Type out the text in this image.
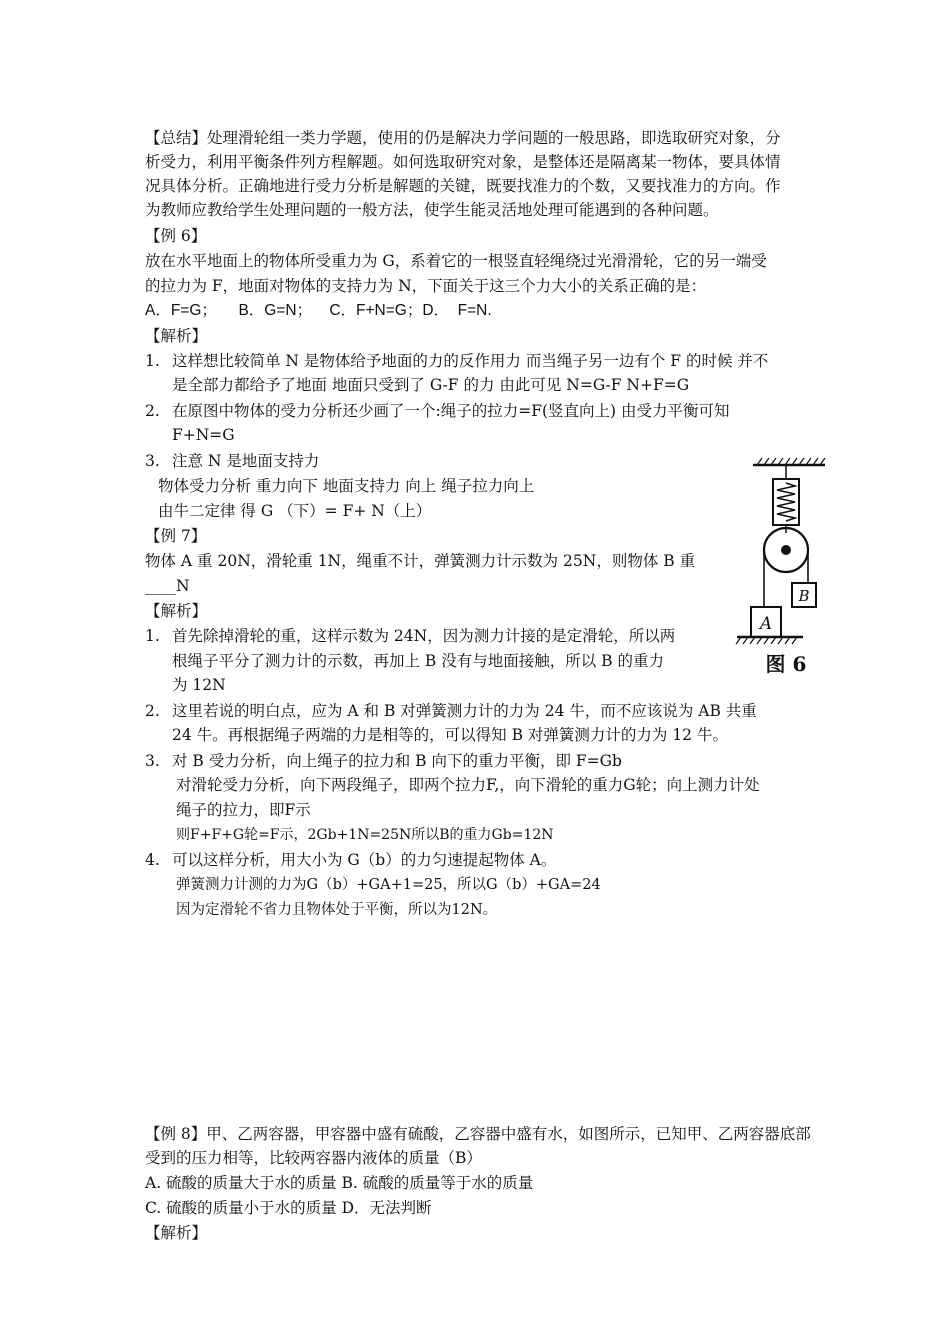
【总结】处理滑轮组一类力学题，使用的仍是解决力学问题的一般思路，即选取研究对象，分
析受力，利用平衡条件列方程解题。如何选取研究对象，是整体还是隔离某一物体，要具体情
况具体分析。正确地进行受力分析是解题的关键，既要找准力的个数，又要找准力的方向。作
为教师应教给学生处理问题的一般方法，使学生能灵活地处理可能遇到的各种问题。
【例 6】
放在水平地面上的物体所受重力为 G，系着它的一根竖直轻绳绕过光滑滑轮，它的另一端受
的拉力为 F，地面对物体的支持力为 N，下面关于这三个力大小的关系正确的是：
A．F=G；     B．G=N；    C．F+N=G；D．  F=N.
【解析】
1. 这样想比较简单 N 是物体给予地面的力的反作用力 而当绳子另一边有个 F 的时候 并不
是全部力都给予了地面 地面只受到了 G-F 的力 由此可见 N=G-F N+F=G
2. 在原图中物体的受力分析还少画了一个:绳子的拉力=F(竖直向上) 由受力平衡可知
F+N=G
3. 注意 N 是地面支持力
物体受力分析 重力向下 地面支持力 向上 绳子拉力向上
由牛二定律 得 G （下）= F+ N（上）
【例 7】
物体 A 重 20N，滑轮重 1N，绳重不计，弹簧测力计示数为 25N，则物体 B 重
____N
【解析】
1. 首先除掉滑轮的重，这样示数为 24N，因为测力计接的是定滑轮，所以两
根绳子平分了测力计的示数，再加上 B 没有与地面接触，所以 B 的重力
为 12N
2. 这里若说的明白点，应为 A 和 B 对弹簧测力计的力为 24 牛，而不应该说为 AB 共重
24 牛。再根据绳子两端的力是相等的，可以得知 B 对弹簧测力计的力为 12 牛。
3. 对 B 受力分析，向上绳子的拉力和 B 向下的重力平衡，即 F=Gb
对滑轮受力分析，向下两段绳子，即两个拉力F,，向下滑轮的重力G轮；向上测力计处
绳子的拉力，即F示
则F+F+G轮=F示，2Gb+1N=25N所以B的重力Gb=12N
4. 可以这样分析，用大小为 G（b）的力匀速提起物体 A。
弹簧测力计测的力为G（b）+GA+1=25，所以G（b）+GA=24
因为定滑轮不省力且物体处于平衡，所以为12N。
B
A
图 6
【例 8】甲、乙两容器，甲容器中盛有硫酸，乙容器中盛有水，如图所示，已知甲、乙两容器底部
受到的压力相等，比较两容器内液体的质量（B）
A. 硫酸的质量大于水的质量 B. 硫酸的质量等于水的质量
C. 硫酸的质量小于水的质量 D．无法判断
【解析】
